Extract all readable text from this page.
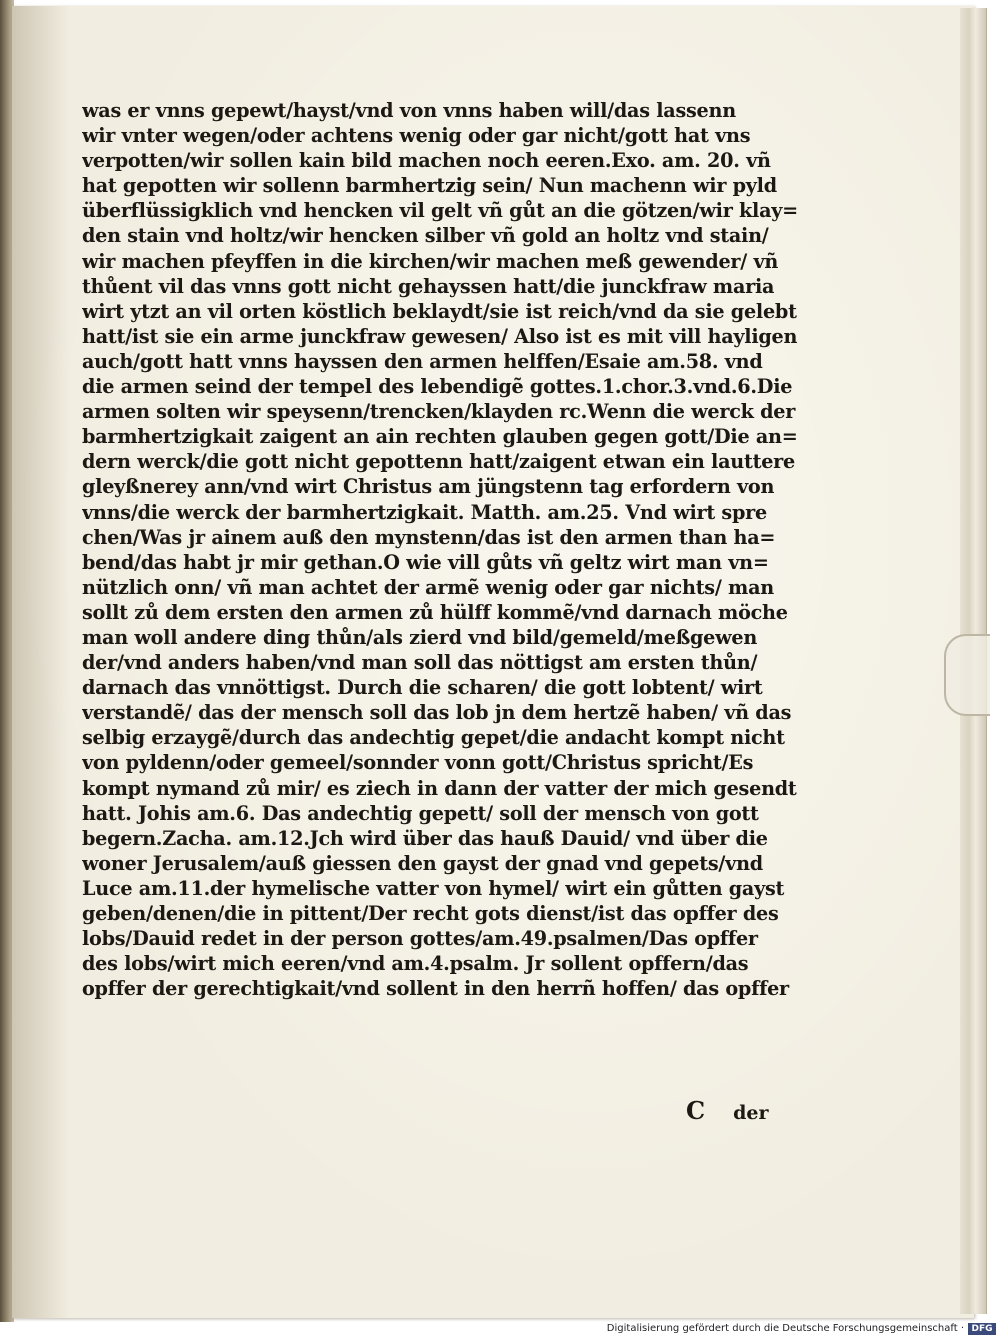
was er vnns gepewt/hayst/vnd von vnns haben will/das lassenn
wir vnter wegen/oder achtens wenig oder gar nicht/gott hat vns
verpotten/wir sollen kain bild machen noch eeren.Exo. am. 20. vñ
hat gepotten wir sollenn barmhertzig sein/ Nun machenn wir pyld
überflüssigklich vnd hencken vil gelt vñ gůt an die götzen/wir klay=
den stain vnd holtz/wir hencken silber vñ gold an holtz vnd stain/
wir machen pfeyffen in die kirchen/wir machen meß gewender/ vñ
thůent vil das vnns gott nicht gehayssen hatt/die junckfraw maria
wirt ytzt an vil orten köstlich beklaydt/sie ist reich/vnd da sie gelebt
hatt/ist sie ein arme junckfraw gewesen/ Also ist es mit vill hayligen
auch/gott hatt vnns hayssen den armen helffen/Esaie am.58. vnd
die armen seind der tempel des lebendigẽ gottes.1.chor.3.vnd.6.Die
armen solten wir speysenn/trencken/klayden rc.Wenn die werck der
barmhertzigkait zaigent an ain rechten glauben gegen gott/Die an=
dern werck/die gott nicht gepottenn hatt/zaigent etwan ein lauttere
gleyßnerey ann/vnd wirt Christus am jüngstenn tag erfordern von
vnns/die werck der barmhertzigkait. Matth. am.25. Vnd wirt spre
chen/Was jr ainem auß den mynstenn/das ist den armen than ha=
bend/das habt jr mir gethan.O wie vill gůts vñ geltz wirt man vn=
nützlich onn/ vñ man achtet der armẽ wenig oder gar nichts/ man
sollt zů dem ersten den armen zů hülff kommẽ/vnd darnach möche
man woll andere ding thůn/als zierd vnd bild/gemeld/meßgewen
der/vnd anders haben/vnd man soll das nöttigst am ersten thůn/
darnach das vnnöttigst. Durch die scharen/ die gott lobtent/ wirt
verstandẽ/ das der mensch soll das lob jn dem hertzẽ haben/ vñ das
selbig erzaygẽ/durch das andechtig gepet/die andacht kompt nicht
von pyldenn/oder gemeel/sonnder vonn gott/Christus spricht/Es
kompt nymand zů mir/ es ziech in dann der vatter der mich gesendt
hatt. Johis am.6. Das andechtig gepett/ soll der mensch von gott
begern.Zacha. am.12.Jch wird über das hauß Dauid/ vnd über die
woner Jerusalem/auß giessen den gayst der gnad vnd gepets/vnd
Luce am.11.der hymelische vatter von hymel/ wirt ein gůtten gayst
geben/denen/die in pittent/Der recht gots dienst/ist das opffer des
lobs/Dauid redet in der person gottes/am.49.psalmen/Das opffer
des lobs/wirt mich eeren/vnd am.4.psalm. Jr sollent opffern/das
opffer der gerechtigkait/vnd sollent in den herrñ hoffen/ das opffer
C der
Digitalisierung gefördert durch die Deutsche Forschungsgemeinschaft · DFG
